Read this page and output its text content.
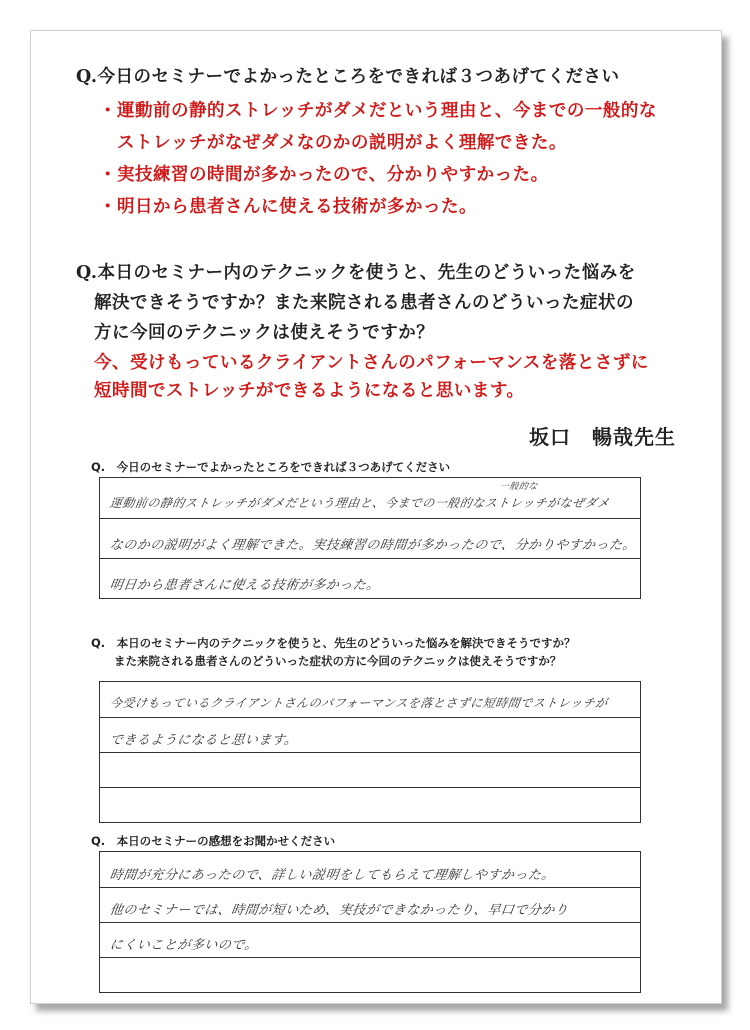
Q.今日のセミナーでよかったところをできれば３つあげてください
・運動前の静的ストレッチがダメだという理由と、今までの一般的な
　ストレッチがなぜダメなのかの説明がよく理解できた。
・実技練習の時間が多かったので、分かりやすかった。
・明日から患者さんに使える技術が多かった。
Q.本日のセミナー内のテクニックを使うと、先生のどういった悩みを
　解決できそうですか？また来院される患者さんのどういった症状の
　方に今回のテクニックは使えそうですか？
　今、受けもっているクライアントさんのパフォーマンスを落とさずに
　短時間でストレッチができるようになると思います。
坂口　暢哉先生
Q.　今日のセミナーでよかったところをできれば３つあげてください
運動前の静的ストレッチがダメだという理由と、今までの一般的なストレッチがなぜダメ
一般的な
なのかの説明がよく理解できた。実技練習の時間が多かったので、分かりやすかった。
明日から患者さんに使える技術が多かった。
Q.　本日のセミナー内のテクニックを使うと、先生のどういった悩みを解決できそうですか？
　　また来院される患者さんのどういった症状の方に今回のテクニックは使えそうですか？
今受けもっているクライアントさんのパフォーマンスを落とさずに短時間でストレッチが
できるようになると思います。
Q.　本日のセミナーの感想をお聞かせください
時間が充分にあったので、詳しい説明をしてもらえて理解しやすかった。
他のセミナーでは、時間が短いため、実技ができなかったり、早口で分かり
にくいことが多いので。
